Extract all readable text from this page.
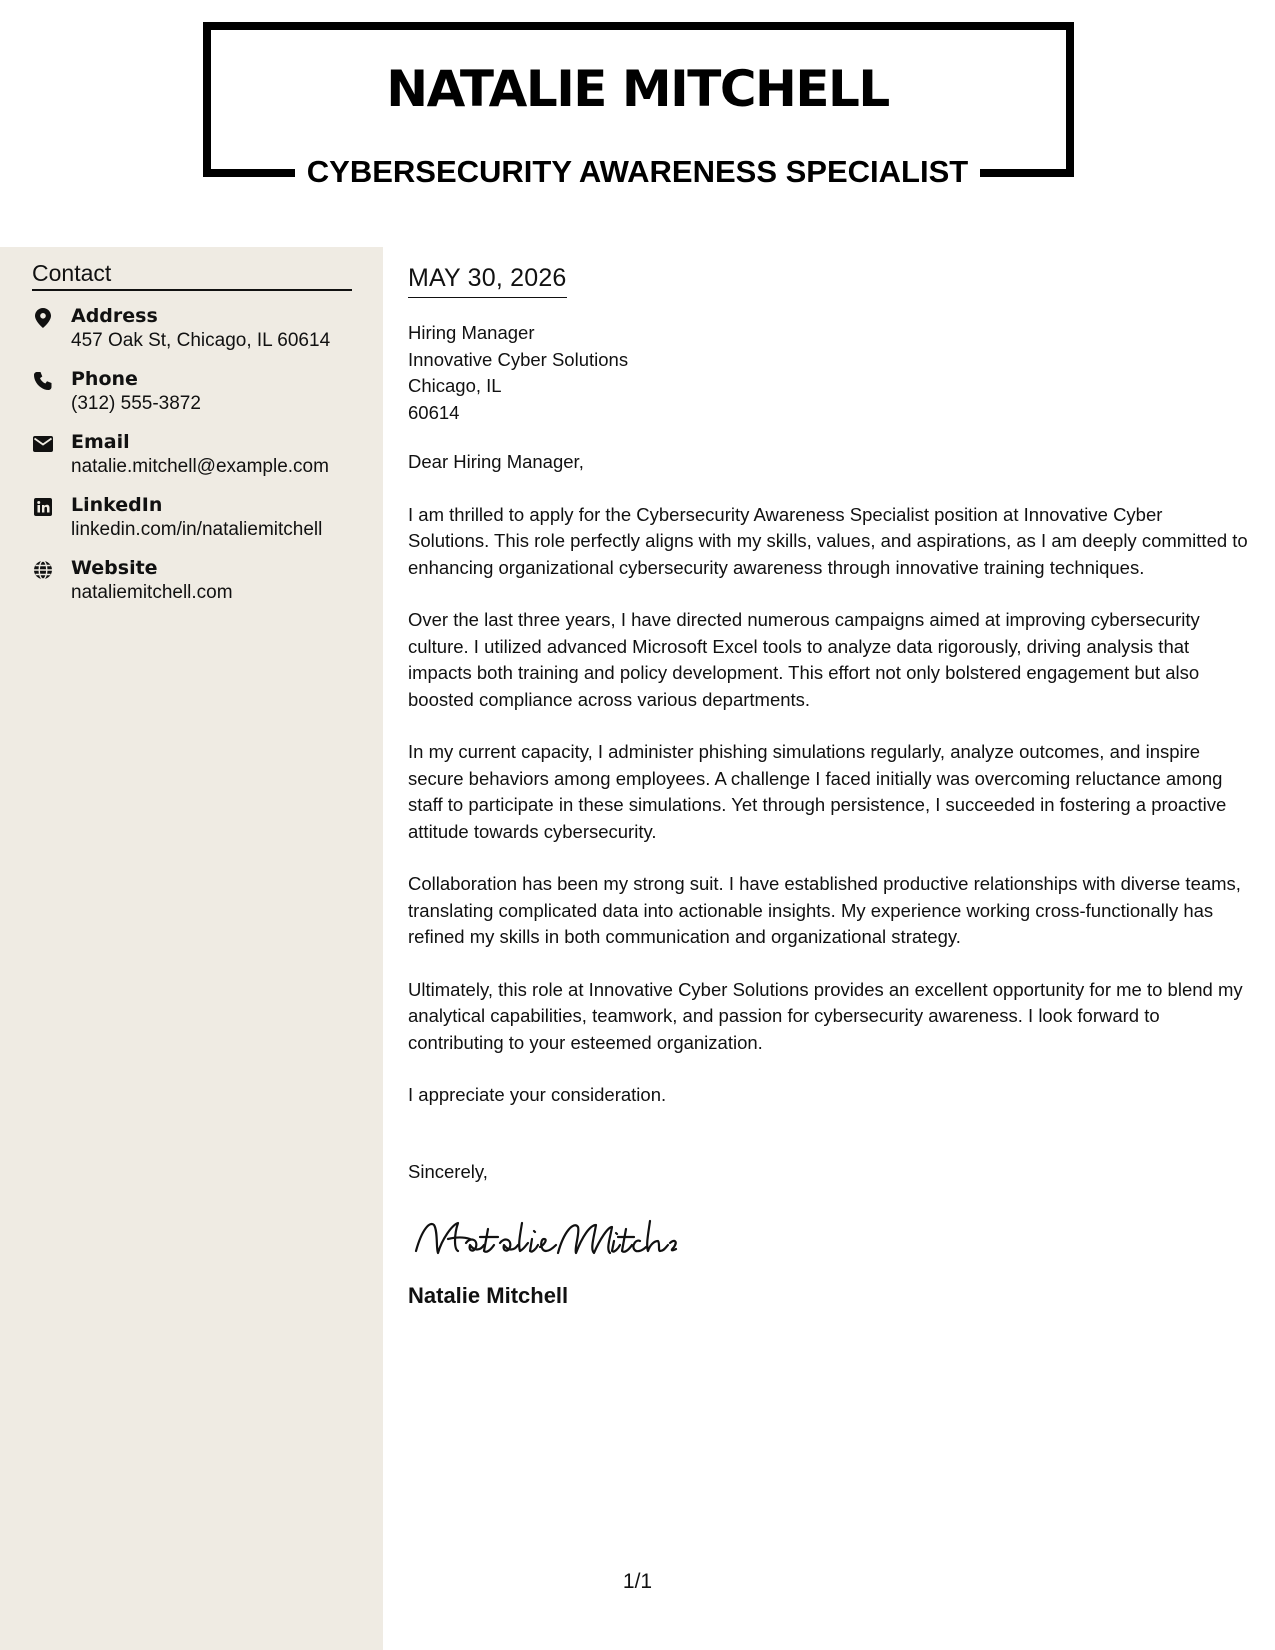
NATALIE MITCHELL
CYBERSECURITY AWARENESS SPECIALIST
Contact
Address
457 Oak St, Chicago, IL 60614
Phone
(312) 555-3872
Email
natalie.mitchell@example.com
LinkedIn
linkedin.com/in/nataliemitchell
Website
nataliemitchell.com
MAY 30, 2026
Hiring Manager
Innovative Cyber Solutions
Chicago, IL
60614
Dear Hiring Manager,
I am thrilled to apply for the Cybersecurity Awareness Specialist position at Innovative Cyber Solutions. This role perfectly aligns with my skills, values, and aspirations, as I am deeply committed to enhancing organizational cybersecurity awareness through innovative training techniques.
Over the last three years, I have directed numerous campaigns aimed at improving cybersecurity culture. I utilized advanced Microsoft Excel tools to analyze data rigorously, driving analysis that impacts both training and policy development. This effort not only bolstered engagement but also boosted compliance across various departments.
In my current capacity, I administer phishing simulations regularly, analyze outcomes, and inspire secure behaviors among employees. A challenge I faced initially was overcoming reluctance among staff to participate in these simulations. Yet through persistence, I succeeded in fostering a proactive attitude towards cybersecurity.
Collaboration has been my strong suit. I have established productive relationships with diverse teams, translating complicated data into actionable insights. My experience working cross-functionally has refined my skills in both communication and organizational strategy.
Ultimately, this role at Innovative Cyber Solutions provides an excellent opportunity for me to blend my analytical capabilities, teamwork, and passion for cybersecurity awareness. I look forward to contributing to your esteemed organization.
I appreciate your consideration.
Sincerely,
Natalie Mitchell
1/1
